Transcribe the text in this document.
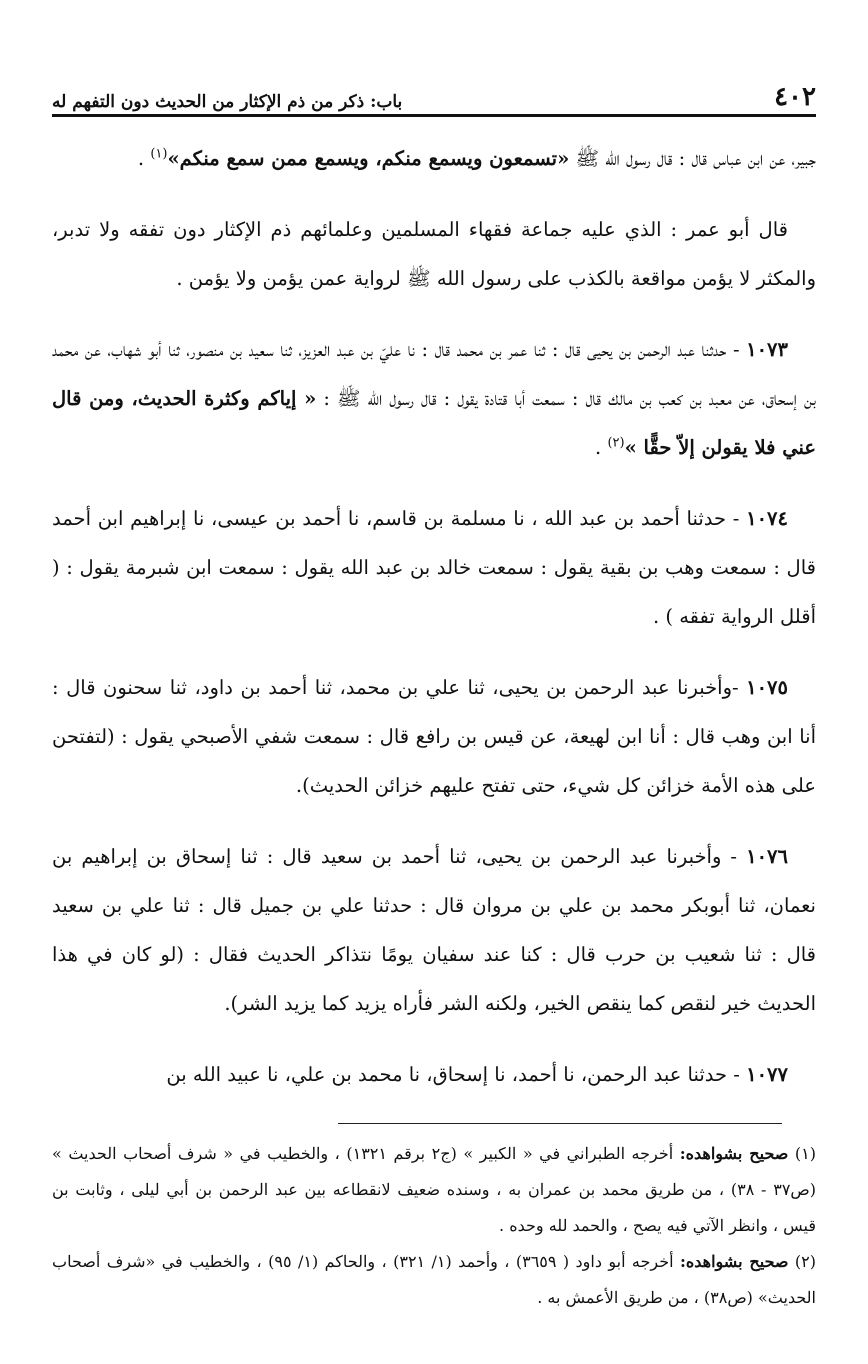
٤٠٢
باب: ذكر من ذم الإكثار من الحديث دون التفهم له

جبير، عن ابن عباس قال : قال رسول الله ﷺ «تسمعون ويسمع منكم، ويسمع ممن سمع منكم»$^{(١)}$ .

قال أبو عمر : الذي عليه جماعة فقهاء المسلمين وعلمائهم ذم الإكثار دون تفقه ولا تدبر، والمكثر لا يؤمن مواقعة بالكذب على رسول الله ﷺ لرواية عمن يؤمن ولا يؤمن .

١٠٧٣ - حدثنا عبد الرحمن بن يحيى قال : ثنا عمر بن محمد قال : نا عليّ بن عبد العزيز، ثنا سعيد بن منصور، ثنا أبو شهاب، عن محمد بن إسحاق، عن معبد بن كعب بن مالك قال : سمعت أبا قتادة يقول : قال رسول الله ﷺ : « إياكم وكثرة الحديث، ومن قال عني فلا يقولن إلاّ حقًّا »$^{(٢)}$ .

١٠٧٤ - حدثنا أحمد بن عبد الله ، نا مسلمة بن قاسم، نا أحمد بن عيسى، نا إبراهيم ابن أحمد قال : سمعت وهب بن بقية يقول : سمعت خالد بن عبد الله يقول : سمعت ابن شبرمة يقول : ( أقلل الرواية تفقه ) .

١٠٧٥ -وأخبرنا عبد الرحمن بن يحيى، ثنا علي بن محمد، ثنا أحمد بن داود، ثنا سحنون قال : أنا ابن وهب قال : أنا ابن لهيعة، عن قيس بن رافع قال : سمعت شفي الأصبحي يقول : (لتفتحن على هذه الأمة خزائن كل شيء، حتى تفتح عليهم خزائن الحديث).

١٠٧٦ - وأخبرنا عبد الرحمن بن يحيى، ثنا أحمد بن سعيد قال : ثنا إسحاق بن إبراهيم بن نعمان، ثنا أبوبكر محمد بن علي بن مروان قال : حدثنا علي بن جميل قال : ثنا علي بن سعيد قال : ثنا شعيب بن حرب قال : كنا عند سفيان يومًا نتذاكر الحديث فقال : (لو كان في هذا الحديث خير لنقص كما ينقص الخير، ولكنه الشر فأراه يزيد كما يزيد الشر).

١٠٧٧ - حدثنا عبد الرحمن، نا أحمد، نا إسحاق، نا محمد بن علي، نا عبيد الله بن

(١) صحيح بشواهده: أخرجه الطبراني في « الكبير » (ج٢ برقم ١٣٢١) ، والخطيب في « شرف أصحاب الحديث » (ص٣٧ - ٣٨) ، من طريق محمد بن عمران به ، وسنده ضعيف لانقطاعه بين عبد الرحمن بن أبي ليلى ، وثابت بن قيس ، وانظر الآتي فيه يصح ، والحمد لله وحده .

(٢) صحيح بشواهده: أخرجه أبو داود ( ٣٦٥٩) ، وأحمد (١/ ٣٢١) ، والحاكم (١/ ٩٥) ، والخطيب في «شرف أصحاب الحديث» (ص٣٨) ، من طريق الأعمش به .
